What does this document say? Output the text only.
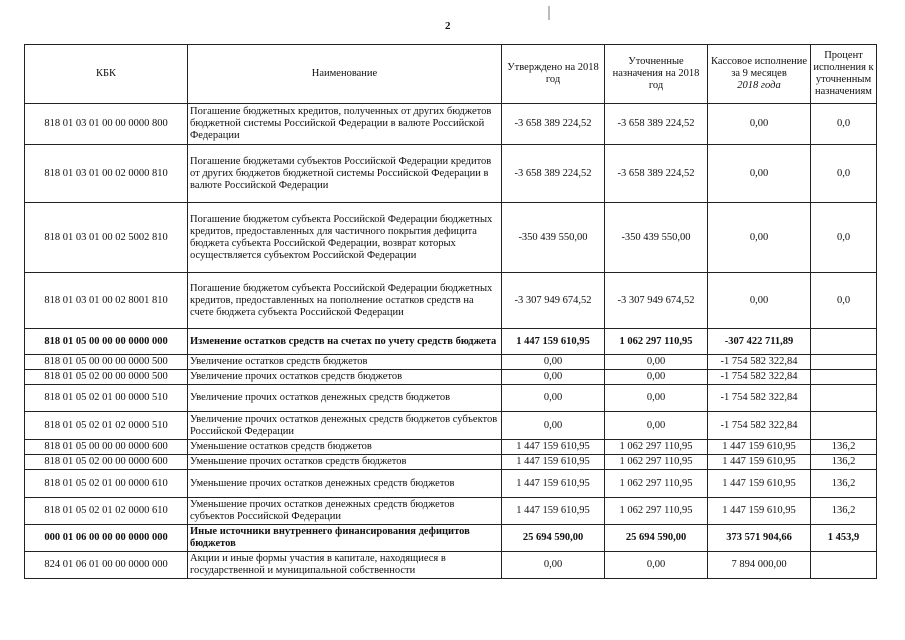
2
КБК	Наименование	Утверждено на 2018 год	Уточненные назначения на 2018 год	Кассовое исполнение
за 9 месяцев
2018 года	Процент исполнения к уточненным назначениям
818 01 03 01 00 00 0000 800	Погашение бюджетных кредитов, полученных от других бюджетов бюджетной системы Российской Федерации в валюте Российской Федерации	-3 658 389 224,52	-3 658 389 224,52	0,00	0,0
818 01 03 01 00 02 0000 810	Погашение бюджетами субъектов Российской Федерации кредитов от других бюджетов бюджетной системы Российской Федерации в валюте Российской Федерации	-3 658 389 224,52	-3 658 389 224,52	0,00	0,0
818 01 03 01 00 02 5002 810	Погашение бюджетом субъекта Российской Федерации бюджетных кредитов, предоставленных для частичного покрытия дефицита бюджета субъекта Российской Федерации, возврат которых осуществляется субъектом Российской Федерации	-350 439 550,00	-350 439 550,00	0,00	0,0
818 01 03 01 00 02 8001 810	Погашение бюджетом субъекта Российской Федерации бюджетных кредитов, предоставленных на пополнение остатков средств на счете бюджета субъекта Российской Федерации	-3 307 949 674,52	-3 307 949 674,52	0,00	0,0
818 01 05 00 00 00 0000 000	Изменение остатков средств на счетах по учету средств бюджета	1 447 159 610,95	1 062 297 110,95	-307 422 711,89	
818 01 05 00 00 00 0000 500	Увеличение остатков средств бюджетов	0,00	0,00	-1 754 582 322,84	
818 01 05 02 00 00 0000 500	Увеличение прочих остатков средств бюджетов	0,00	0,00	-1 754 582 322,84	
818 01 05 02 01 00 0000 510	Увеличение прочих остатков денежных средств бюджетов	0,00	0,00	-1 754 582 322,84	
818 01 05 02 01 02 0000 510	Увеличение прочих остатков денежных средств бюджетов субъектов Российской Федерации	0,00	0,00	-1 754 582 322,84	
818 01 05 00 00 00 0000 600	Уменьшение остатков средств бюджетов	1 447 159 610,95	1 062 297 110,95	1 447 159 610,95	136,2
818 01 05 02 00 00 0000 600	Уменьшение прочих остатков средств бюджетов	1 447 159 610,95	1 062 297 110,95	1 447 159 610,95	136,2
818 01 05 02 01 00 0000 610	Уменьшение прочих остатков денежных средств бюджетов	1 447 159 610,95	1 062 297 110,95	1 447 159 610,95	136,2
818 01 05 02 01 02 0000 610	Уменьшение прочих остатков денежных средств бюджетов субъектов Российской Федерации	1 447 159 610,95	1 062 297 110,95	1 447 159 610,95	136,2
000 01 06 00 00 00 0000 000	Иные источники внутреннего финансирования дефицитов бюджетов	25 694 590,00	25 694 590,00	373 571 904,66	1 453,9
824 01 06 01 00 00 0000 000	Акции и иные формы участия в капитале, находящиеся в государственной и муниципальной собственности	0,00	0,00	7 894 000,00	
